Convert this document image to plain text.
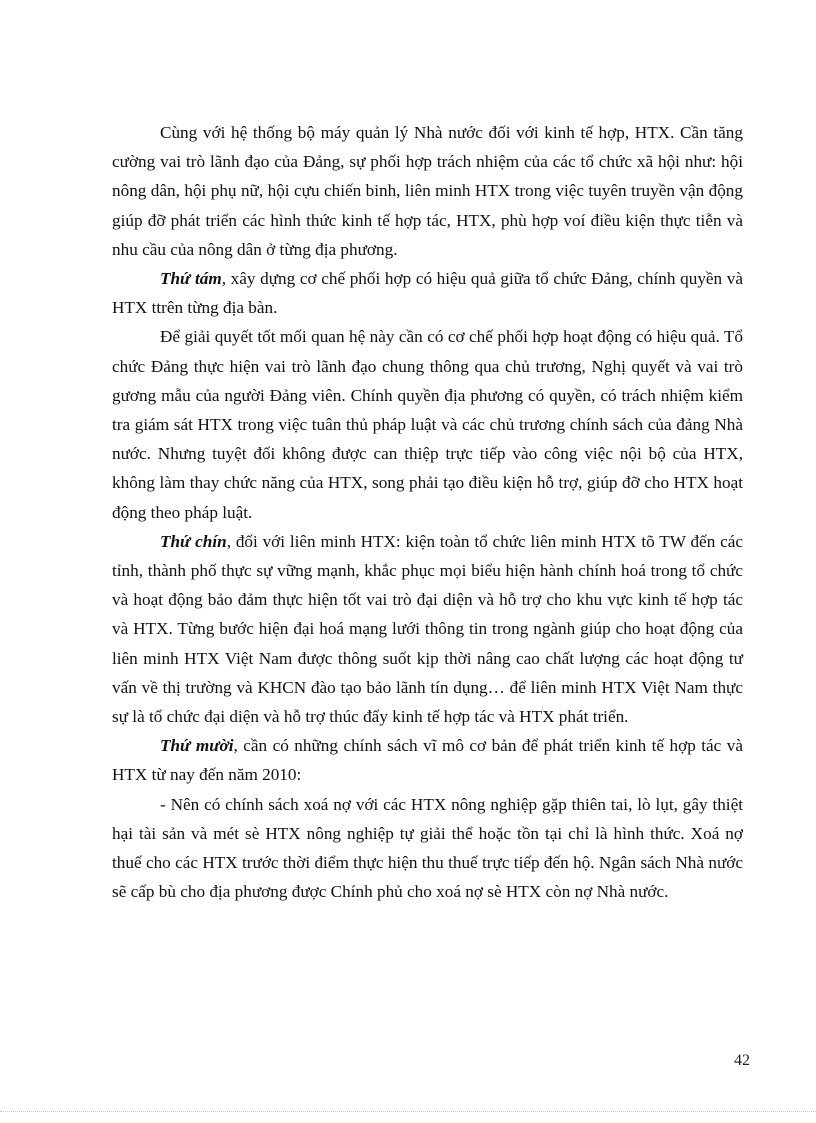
Cùng với hệ thống bộ máy quản lý Nhà nước đối với kinh tế hợp, HTX. Cần tăng cường vai trò lãnh đạo của Đảng, sự phối hợp trách nhiệm của các tổ chức xã hội như: hội nông dân, hội phụ nữ, hội cựu chiến binh, liên minh HTX trong việc tuyên truyền vận động giúp đỡ phát triển các hình thức kinh tế hợp tác, HTX, phù hợp voí điều kiện thực tiễn và nhu cầu của nông dân ở từng địa phương.

Thứ tám, xây dựng cơ chế phối hợp có hiệu quả giữa tổ chức Đảng, chính quyền và HTX ttrên từng địa bàn.

Để giải quyết tốt mối quan hệ này cần có cơ chế phối hợp hoạt động có hiệu quả. Tổ chức Đảng thực hiện vai trò lãnh đạo chung thông qua chủ trương, Nghị quyết và vai trò gương mẫu của người Đảng viên. Chính quyền địa phương có quyền, có trách nhiệm kiểm tra giám sát HTX trong việc tuân thủ pháp luật và các chủ trương chính sách của đảng Nhà nước. Nhưng tuyệt đối không được can thiệp trực tiếp vào công việc nội bộ của HTX, không làm thay chức năng của HTX, song phải tạo điều kiện hỗ trợ, giúp đỡ cho HTX hoạt động theo pháp luật.

Thứ chín, đối với liên minh HTX: kiện toàn tổ chức liên minh HTX tõ TW đến các tỉnh, thành phố thực sự vững mạnh, khắc phục mọi biểu hiện hành chính hoá trong tổ chức và hoạt động bảo đảm thực hiện tốt vai trò đại diện và hỗ trợ cho khu vực kinh tế hợp tác và HTX. Từng bước hiện đại hoá mạng lưới thông tin trong ngành giúp cho hoạt động của liên minh HTX Việt Nam được thông suốt kịp thời nâng cao chất lượng các hoạt động tư vấn về thị trường và KHCN đào tạo bảo lãnh tín dụng… để liên minh HTX Việt Nam thực sự là tổ chức đại diện và hỗ trợ thúc đẩy kinh tế hợp tác và HTX phát triển.

Thứ mười, cần có những chính sách vĩ mô cơ bản để phát triển kinh tế hợp tác và HTX từ nay đến năm 2010:

- Nên có chính sách xoá nợ với các HTX nông nghiệp gặp thiên tai, lò lụt, gây thiệt hại tài sản và mét sè HTX nông nghiệp tự giải thể hoặc tồn tại chỉ là hình thức. Xoá nợ thuế cho các HTX trước thời điểm thực hiện thu thuế trực tiếp đến hộ. Ngân sách Nhà nước sẽ cấp bù cho địa phương được Chính phủ cho xoá nợ sè HTX còn nợ Nhà nước.

42
